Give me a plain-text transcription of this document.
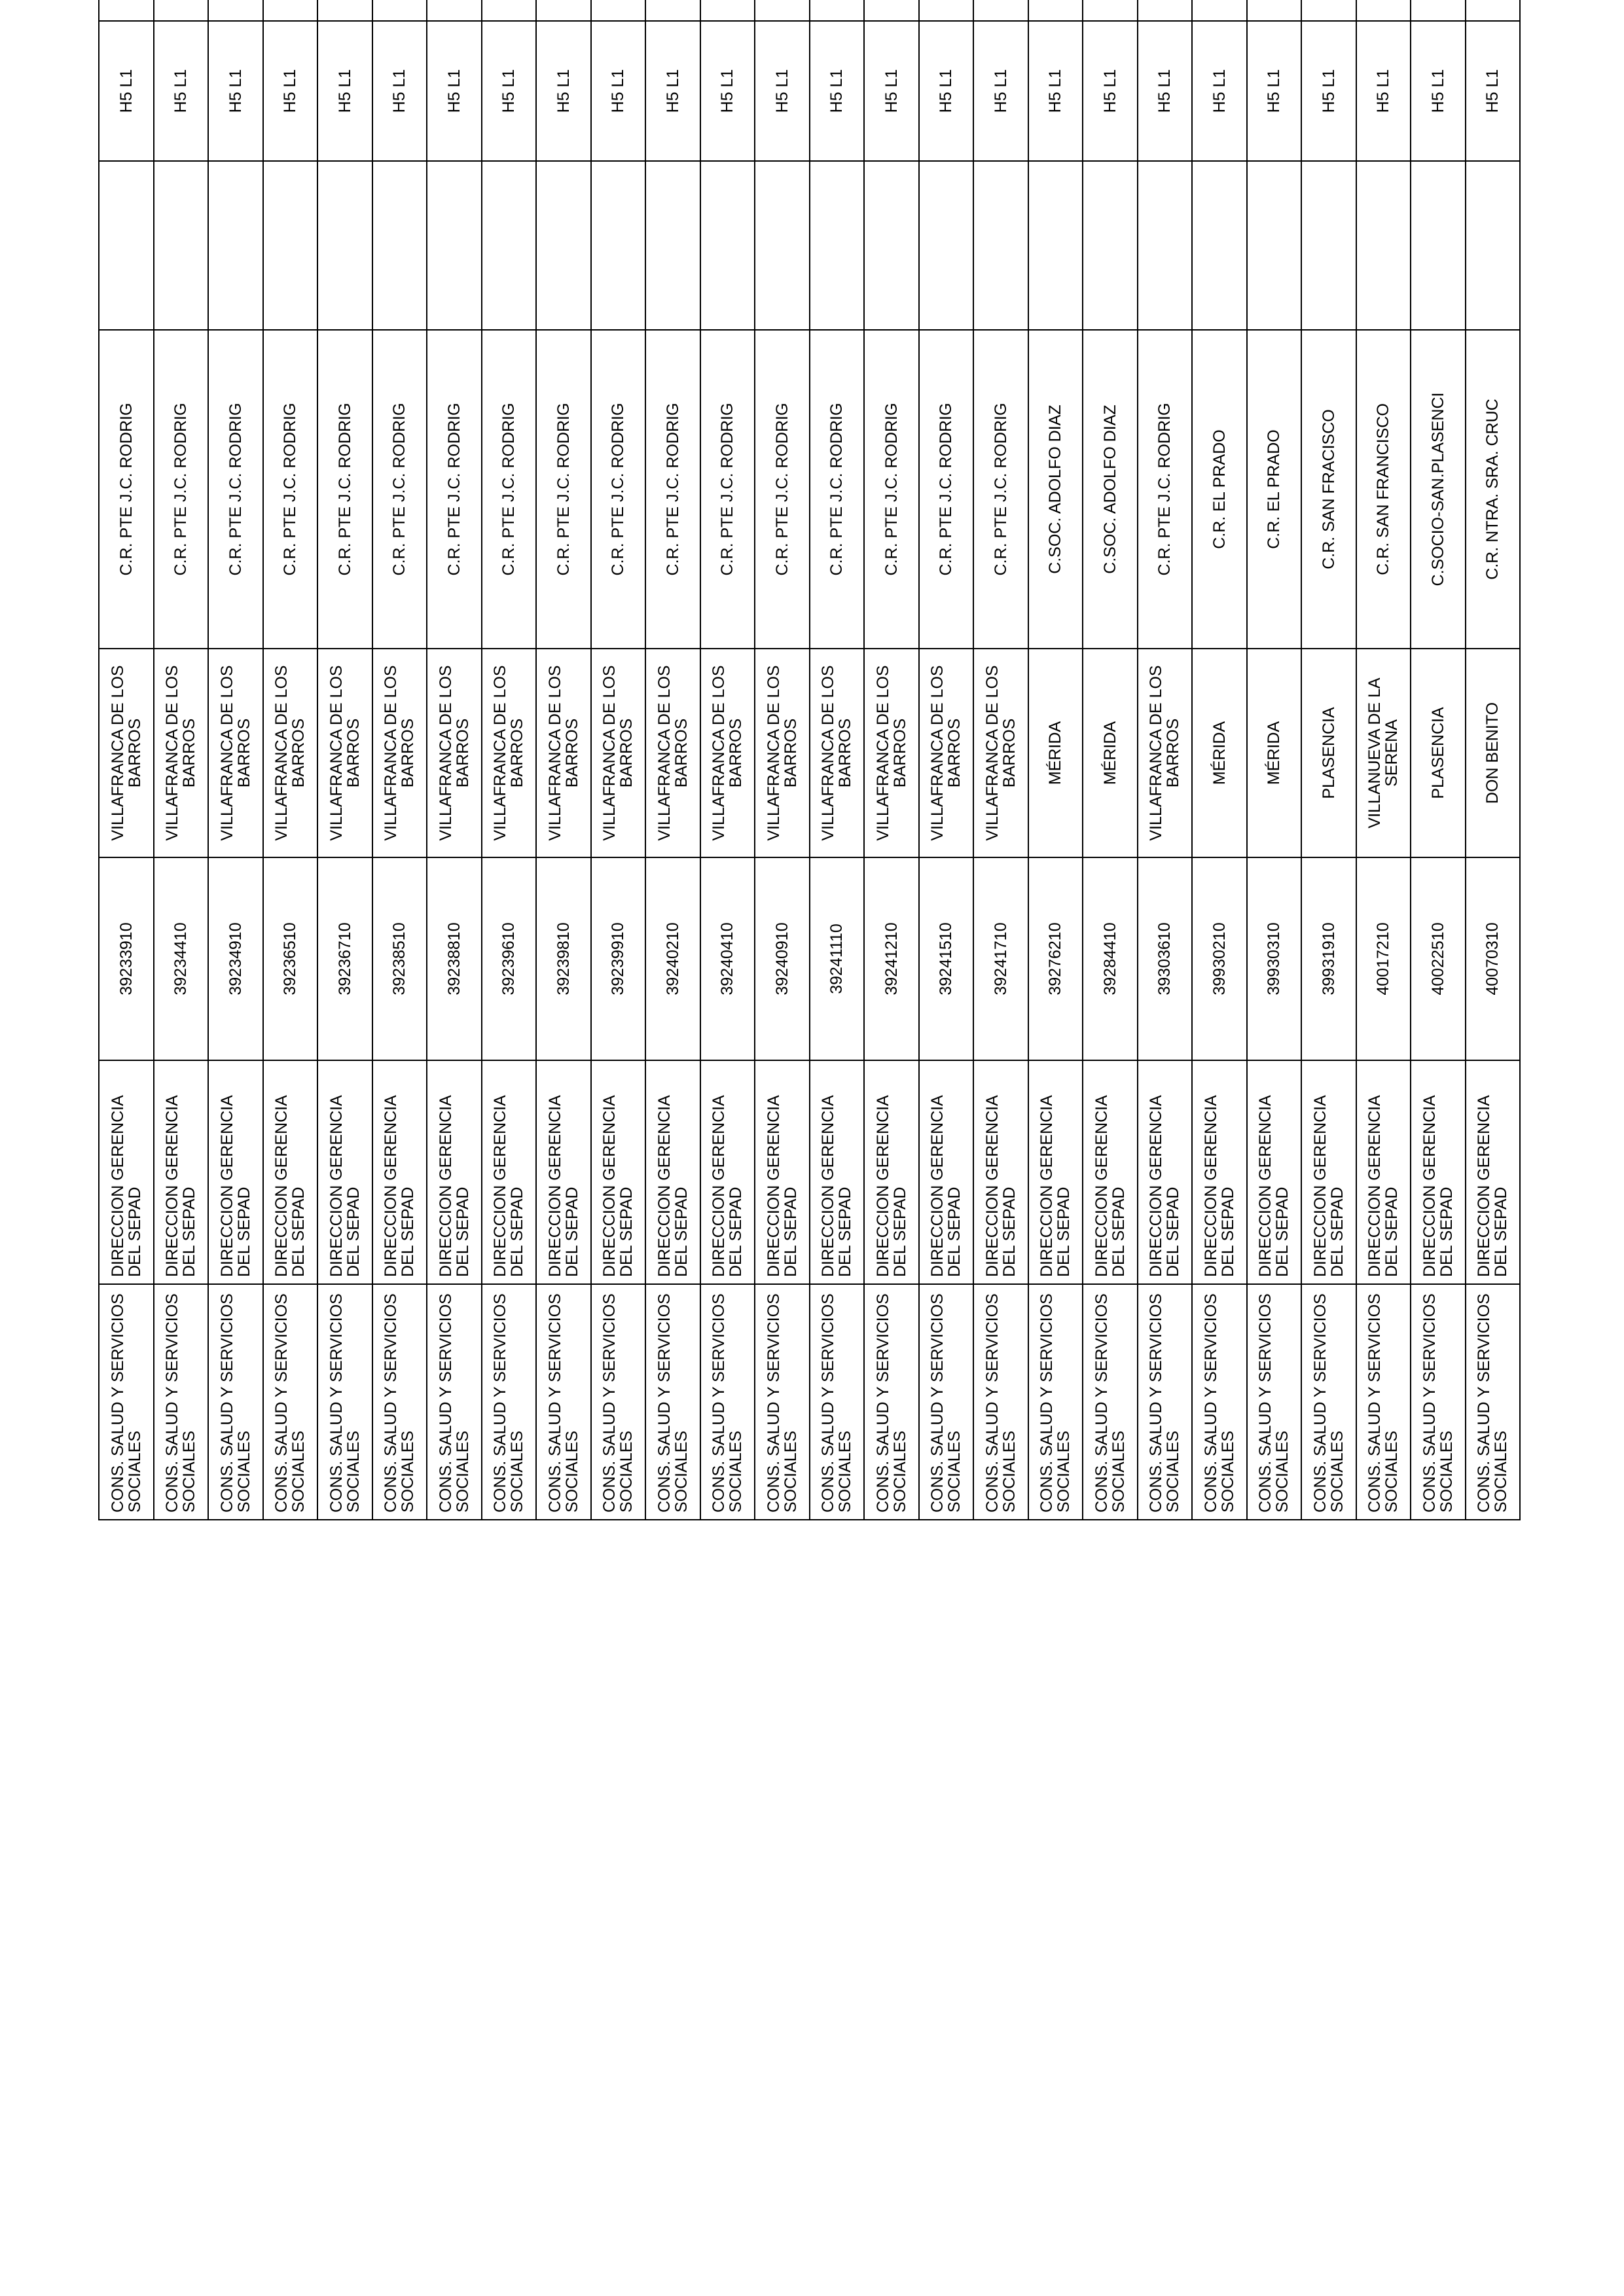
CONS. SALUD Y SERVICIOS SOCIALES	DIRECCION GERENCIA DEL SEPAD	39233910	VILLAFRANCA DE LOS BARROS	C.R. PTE J.C. RODRIG		H5 L1		
CONS. SALUD Y SERVICIOS SOCIALES	DIRECCION GERENCIA DEL SEPAD	39234410	VILLAFRANCA DE LOS BARROS	C.R. PTE J.C. RODRIG		H5 L1		
CONS. SALUD Y SERVICIOS SOCIALES	DIRECCION GERENCIA DEL SEPAD	39234910	VILLAFRANCA DE LOS BARROS	C.R. PTE J.C. RODRIG		H5 L1		
CONS. SALUD Y SERVICIOS SOCIALES	DIRECCION GERENCIA DEL SEPAD	39236510	VILLAFRANCA DE LOS BARROS	C.R. PTE J.C. RODRIG		H5 L1		
CONS. SALUD Y SERVICIOS SOCIALES	DIRECCION GERENCIA DEL SEPAD	39236710	VILLAFRANCA DE LOS BARROS	C.R. PTE J.C. RODRIG		H5 L1		
CONS. SALUD Y SERVICIOS SOCIALES	DIRECCION GERENCIA DEL SEPAD	39238510	VILLAFRANCA DE LOS BARROS	C.R. PTE J.C. RODRIG		H5 L1		
CONS. SALUD Y SERVICIOS SOCIALES	DIRECCION GERENCIA DEL SEPAD	39238810	VILLAFRANCA DE LOS BARROS	C.R. PTE J.C. RODRIG		H5 L1		
CONS. SALUD Y SERVICIOS SOCIALES	DIRECCION GERENCIA DEL SEPAD	39239610	VILLAFRANCA DE LOS BARROS	C.R. PTE J.C. RODRIG		H5 L1		
CONS. SALUD Y SERVICIOS SOCIALES	DIRECCION GERENCIA DEL SEPAD	39239810	VILLAFRANCA DE LOS BARROS	C.R. PTE J.C. RODRIG		H5 L1		
CONS. SALUD Y SERVICIOS SOCIALES	DIRECCION GERENCIA DEL SEPAD	39239910	VILLAFRANCA DE LOS BARROS	C.R. PTE J.C. RODRIG		H5 L1		
CONS. SALUD Y SERVICIOS SOCIALES	DIRECCION GERENCIA DEL SEPAD	39240210	VILLAFRANCA DE LOS BARROS	C.R. PTE J.C. RODRIG		H5 L1		
CONS. SALUD Y SERVICIOS SOCIALES	DIRECCION GERENCIA DEL SEPAD	39240410	VILLAFRANCA DE LOS BARROS	C.R. PTE J.C. RODRIG		H5 L1		
CONS. SALUD Y SERVICIOS SOCIALES	DIRECCION GERENCIA DEL SEPAD	39240910	VILLAFRANCA DE LOS BARROS	C.R. PTE J.C. RODRIG		H5 L1		
CONS. SALUD Y SERVICIOS SOCIALES	DIRECCION GERENCIA DEL SEPAD	39241110	VILLAFRANCA DE LOS BARROS	C.R. PTE J.C. RODRIG		H5 L1		
CONS. SALUD Y SERVICIOS SOCIALES	DIRECCION GERENCIA DEL SEPAD	39241210	VILLAFRANCA DE LOS BARROS	C.R. PTE J.C. RODRIG		H5 L1		
CONS. SALUD Y SERVICIOS SOCIALES	DIRECCION GERENCIA DEL SEPAD	39241510	VILLAFRANCA DE LOS BARROS	C.R. PTE J.C. RODRIG		H5 L1		
CONS. SALUD Y SERVICIOS SOCIALES	DIRECCION GERENCIA DEL SEPAD	39241710	VILLAFRANCA DE LOS BARROS	C.R. PTE J.C. RODRIG		H5 L1		
CONS. SALUD Y SERVICIOS SOCIALES	DIRECCION GERENCIA DEL SEPAD	39276210	MÉRIDA	C.SOC. ADOLFO DIAZ		H5 L1		
CONS. SALUD Y SERVICIOS SOCIALES	DIRECCION GERENCIA DEL SEPAD	39284410	MÉRIDA	C.SOC. ADOLFO DIAZ		H5 L1		
CONS. SALUD Y SERVICIOS SOCIALES	DIRECCION GERENCIA DEL SEPAD	39303610	VILLAFRANCA DE LOS BARROS	C.R. PTE J.C. RODRIG		H5 L1		
CONS. SALUD Y SERVICIOS SOCIALES	DIRECCION GERENCIA DEL SEPAD	39930210	MÉRIDA	C.R. EL PRADO		H5 L1		
CONS. SALUD Y SERVICIOS SOCIALES	DIRECCION GERENCIA DEL SEPAD	39930310	MÉRIDA	C.R. EL PRADO		H5 L1		
CONS. SALUD Y SERVICIOS SOCIALES	DIRECCION GERENCIA DEL SEPAD	39931910	PLASENCIA	C.R. SAN FRACISCO		H5 L1		
CONS. SALUD Y SERVICIOS SOCIALES	DIRECCION GERENCIA DEL SEPAD	40017210	VILLANUEVA DE LA SERENA	C.R. SAN FRANCISCO		H5 L1		
CONS. SALUD Y SERVICIOS SOCIALES	DIRECCION GERENCIA DEL SEPAD	40022510	PLASENCIA	C.SOCIO-SAN.PLASENCI		H5 L1		
CONS. SALUD Y SERVICIOS SOCIALES	DIRECCION GERENCIA DEL SEPAD	40070310	DON BENITO	C.R. NTRA. SRA. CRUC		H5 L1		
